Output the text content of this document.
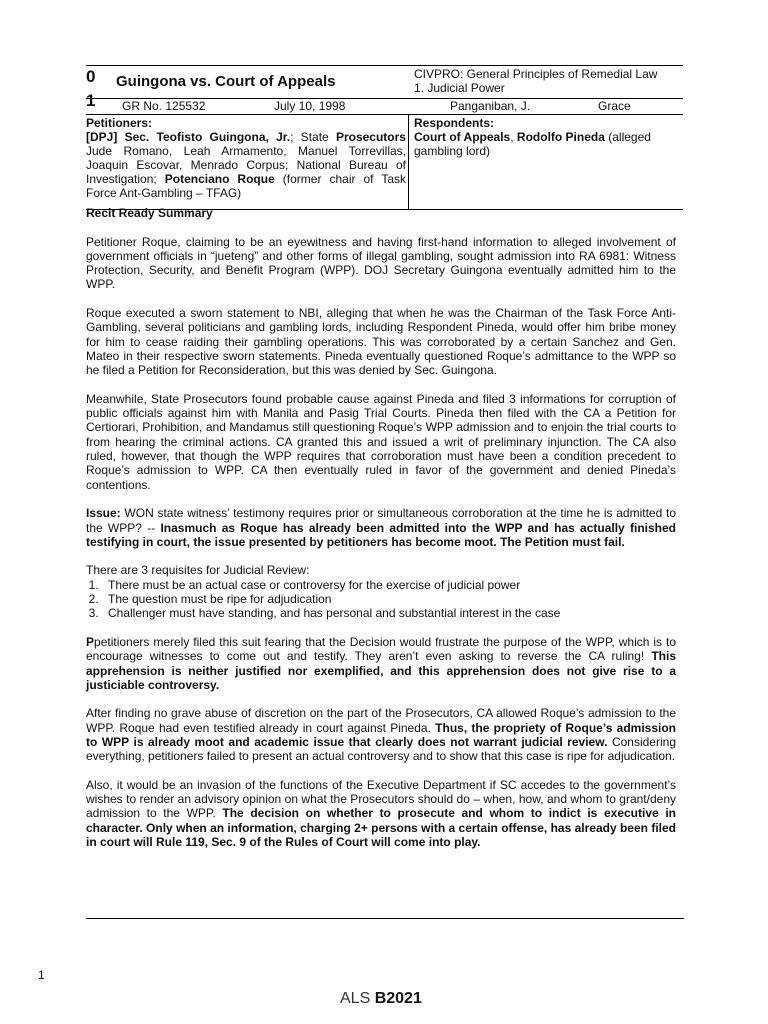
0
1
Guingona vs. Court of Appeals	CIVPRO: General Principles of Remedial Law
1. Judicial Power
GR No. 125532	July 10, 1998	Panganiban, J.	Grace
Petitioners:
[DPJ] Sec. Teofisto Guingona, Jr.; State Prosecutors Jude Romano, Leah Armamento, Manuel Torrevillas, Joaquin Escovar, Menrado Corpus; National Bureau of Investigation; Potenciano Roque (former chair of Task Force Ant-Gambling – TFAG)
Respondents:
Court of Appeals, Rodolfo Pineda (alleged gambling lord)
Recit Ready Summary

Petitioner Roque, claiming to be an eyewitness and having first-hand information to alleged involvement of government officials in “jueteng” and other forms of illegal gambling, sought admission into RA 6981: Witness Protection, Security, and Benefit Program (WPP). DOJ Secretary Guingona eventually admitted him to the WPP.

Roque executed a sworn statement to NBI, alleging that when he was the Chairman of the Task Force Anti-Gambling, several politicians and gambling lords, including Respondent Pineda, would offer him bribe money for him to cease raiding their gambling operations. This was corroborated by a certain Sanchez and Gen. Mateo in their respective sworn statements. Pineda eventually questioned Roque’s admittance to the WPP so he filed a Petition for Reconsideration, but this was denied by Sec. Guingona.

Meanwhile, State Prosecutors found probable cause against Pineda and filed 3 informations for corruption of public officials against him with Manila and Pasig Trial Courts. Pineda then filed with the CA a Petition for Certiorari, Prohibition, and Mandamus still questioning Roque’s WPP admission and to enjoin the trial courts to from hearing the criminal actions. CA granted this and issued a writ of preliminary injunction. The CA also ruled, however, that though the WPP requires that corroboration must have been a condition precedent to Roque’s admission to WPP. CA then eventually ruled in favor of the government and denied Pineda’s contentions.

Issue: WON state witness’ testimony requires prior or simultaneous corroboration at the time he is admitted to the WPP? -- Inasmuch as Roque has already been admitted into the WPP and has actually finished testifying in court, the issue presented by petitioners has become moot. The Petition must fail.

There are 3 requisites for Judicial Review:
1. There must be an actual case or controversy for the exercise of judicial power
2. The question must be ripe for adjudication
3. Challenger must have standing, and has personal and substantial interest in the case

Ppetitioners merely filed this suit fearing that the Decision would frustrate the purpose of the WPP, which is to encourage witnesses to come out and testify. They aren’t even asking to reverse the CA ruling! This apprehension is neither justified nor exemplified, and this apprehension does not give rise to a justiciable controversy.

After finding no grave abuse of discretion on the part of the Prosecutors, CA allowed Roque’s admission to the WPP. Roque had even testified already in court against Pineda. Thus, the propriety of Roque’s admission to WPP is already moot and academic issue that clearly does not warrant judicial review. Considering everything, petitioners failed to present an actual controversy and to show that this case is ripe for adjudication.

Also, it would be an invasion of the functions of the Executive Department if SC accedes to the government’s wishes to render an advisory opinion on what the Prosecutors should do – when, how, and whom to grant/deny admission to the WPP. The decision on whether to prosecute and whom to indict is executive in character. Only when an information, charging 2+ persons with a certain offense, has already been filed in court will Rule 119, Sec. 9 of the Rules of Court will come into play.

1
ALS B2021
